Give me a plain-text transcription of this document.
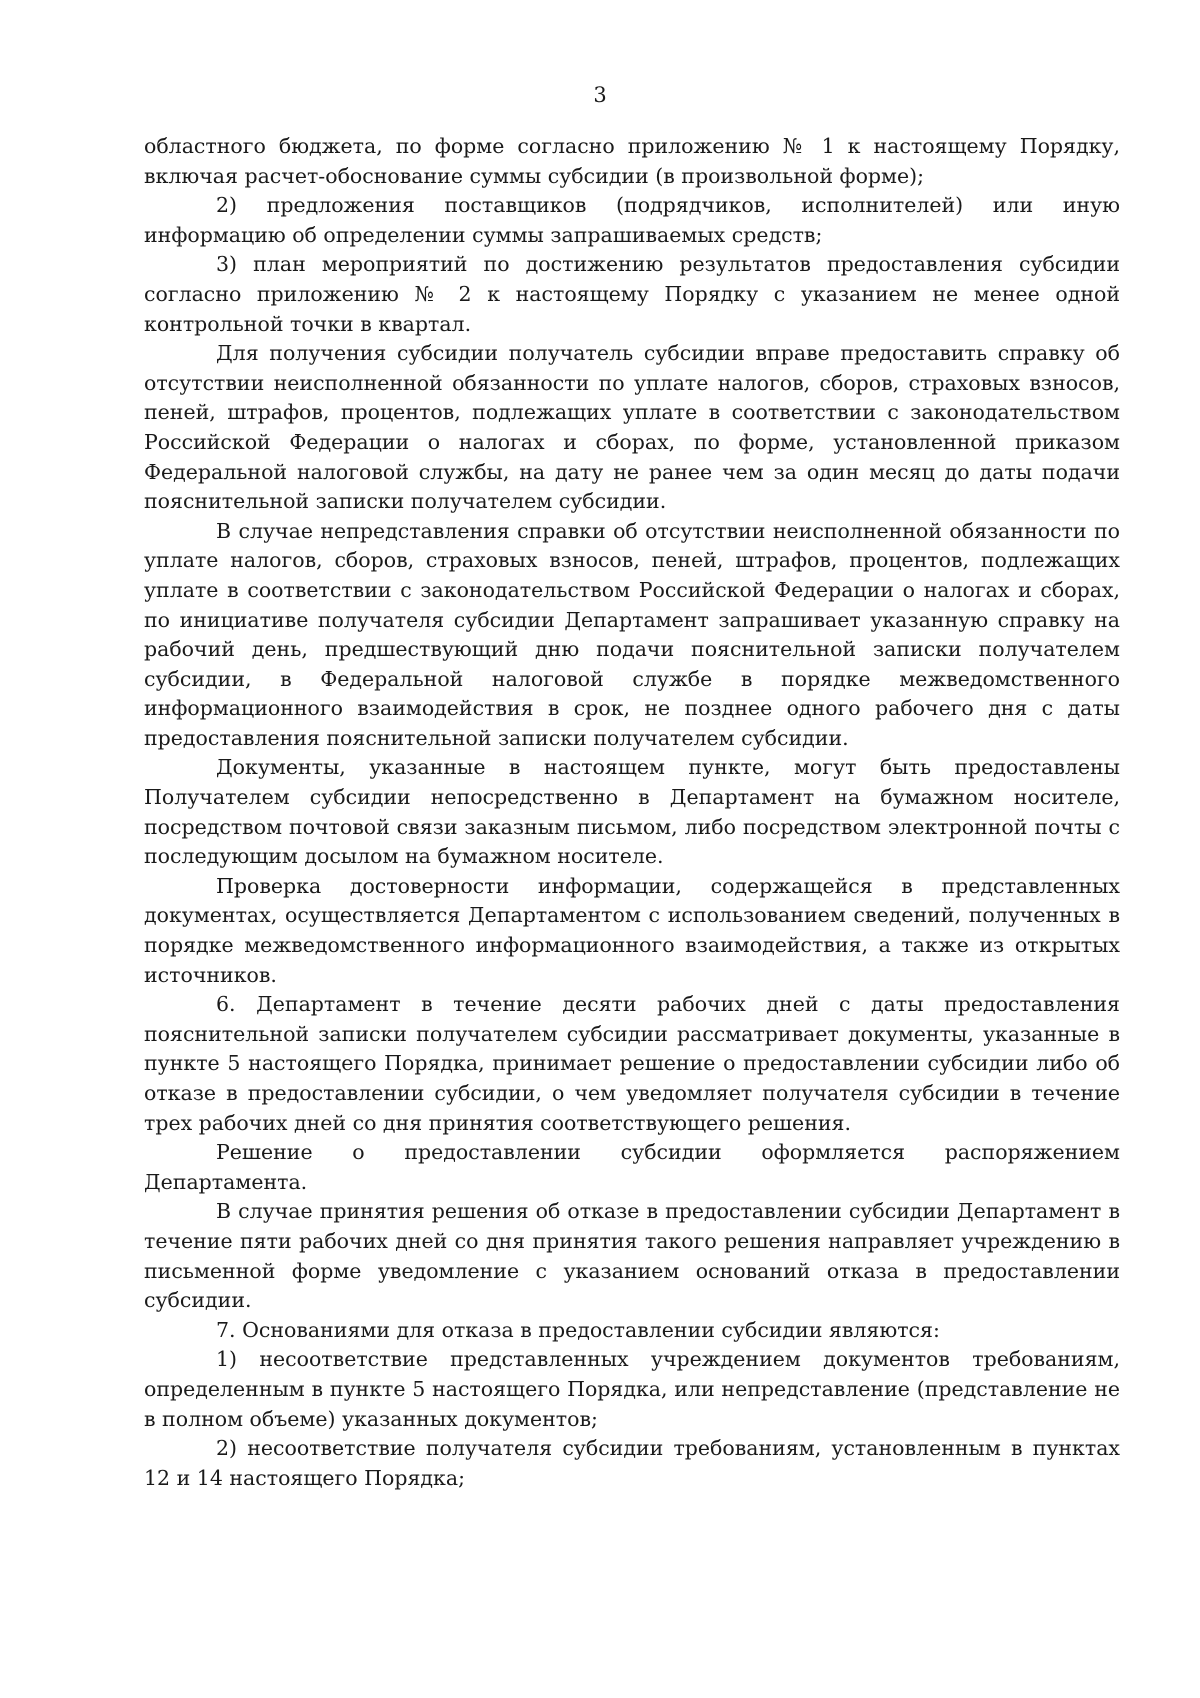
3

областного бюджета, по форме согласно приложению № 1 к настоящему Порядку, включая расчет-обоснование суммы субсидии (в произвольной форме);

2) предложения поставщиков (подрядчиков, исполнителей) или иную информацию об определении суммы запрашиваемых средств;

3) план мероприятий по достижению результатов предоставления субсидии согласно приложению № 2 к настоящему Порядку с указанием не менее одной контрольной точки в квартал.

Для получения субсидии получатель субсидии вправе предоставить справку об отсутствии неисполненной обязанности по уплате налогов, сборов, страховых взносов, пеней, штрафов, процентов, подлежащих уплате в соответствии с законодательством Российской Федерации о налогах и сборах, по форме, установленной приказом Федеральной налоговой службы, на дату не ранее чем за один месяц до даты подачи пояснительной записки получателем субсидии.

В случае непредставления справки об отсутствии неисполненной обязанности по уплате налогов, сборов, страховых взносов, пеней, штрафов, процентов, подлежащих уплате в соответствии с законодательством Российской Федерации о налогах и сборах, по инициативе получателя субсидии Департамент запрашивает указанную справку на рабочий день, предшествующий дню подачи пояснительной записки получателем субсидии, в Федеральной налоговой службе в порядке межведомственного информационного взаимодействия в срок, не позднее одного рабочего дня с даты предоставления пояснительной записки получателем субсидии.

Документы, указанные в настоящем пункте, могут быть предоставлены Получателем субсидии непосредственно в Департамент на бумажном носителе, посредством почтовой связи заказным письмом, либо посредством электронной почты с последующим досылом на бумажном носителе.

Проверка достоверности информации, содержащейся в представленных документах, осуществляется Департаментом с использованием сведений, полученных в порядке межведомственного информационного взаимодействия, а также из открытых источников.

6. Департамент в течение десяти рабочих дней с даты предоставления пояснительной записки получателем субсидии рассматривает документы, указанные в пункте 5 настоящего Порядка, принимает решение о предоставлении субсидии либо об отказе в предоставлении субсидии, о чем уведомляет получателя субсидии в течение трех рабочих дней со дня принятия соответствующего решения.

Решение о предоставлении субсидии оформляется распоряжением Департамента.

В случае принятия решения об отказе в предоставлении субсидии Департамент в течение пяти рабочих дней со дня принятия такого решения направляет учреждению в письменной форме уведомление с указанием оснований отказа в предоставлении субсидии.

7. Основаниями для отказа в предоставлении субсидии являются:

1) несоответствие представленных учреждением документов требованиям, определенным в пункте 5 настоящего Порядка, или непредставление (представление не в полном объеме) указанных документов;

2) несоответствие получателя субсидии требованиям, установленным в пунктах 12 и 14 настоящего Порядка;
